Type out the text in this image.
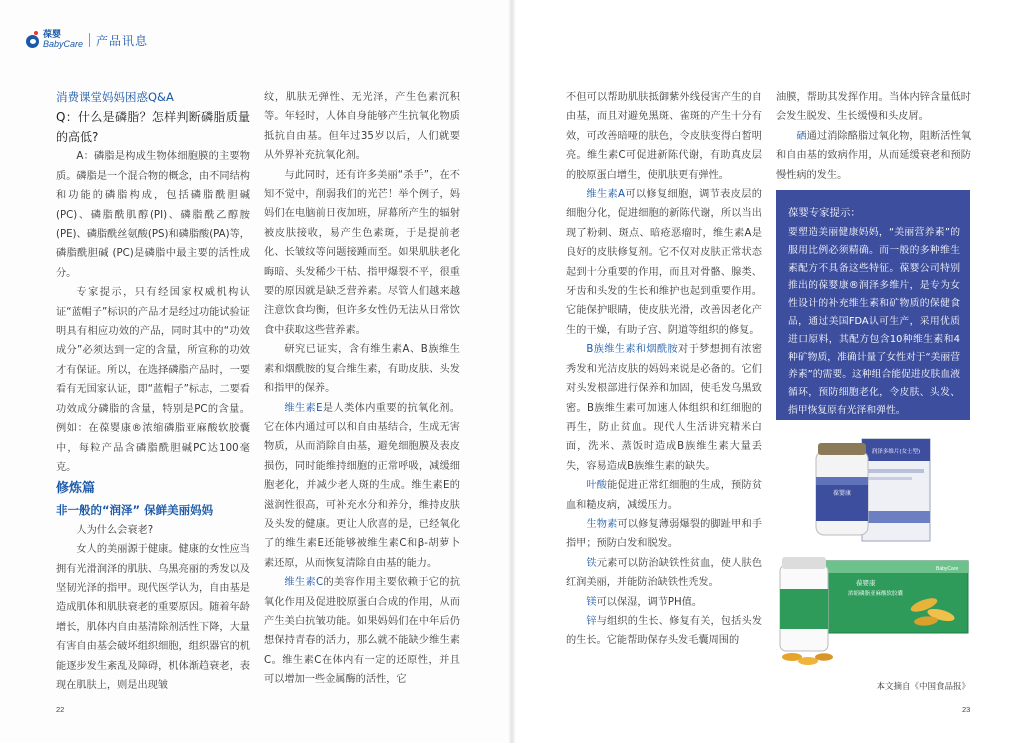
葆婴
BabyCare 产品讯息

消费课堂妈妈困惑Q&A

Q：什么是磷脂？怎样判断磷脂质量的高低?

A：磷脂是构成生物体细胞膜的主要物质。磷脂是一个混合物的概念，由不同结构和功能的磷脂构成，包括磷脂酰胆碱(PC)、磷脂酰肌醇(PI)、磷脂酰乙醇胺(PE)、磷脂酰丝氨酸(PS)和磷脂酸(PA)等，磷脂酰胆碱 (PC)是磷脂中最主要的活性成分。

专家提示，只有经国家权威机构认证“蓝帽子”标识的产品才是经过功能试验证明具有相应功效的产品，同时其中的“功效成分”必须达到一定的含量，所宣称的功效才有保证。所以，在选择磷脂产品时，一要看有无国家认证，即“蓝帽子”标志，二要看功效成分磷脂的含量，特别是PC的含量。例如：在葆婴康®浓缩磷脂亚麻酸软胶囊中，每粒产品含磷脂酰胆碱PC达100毫克。

修炼篇

非一般的“润泽” 保鲜美丽妈妈

人为什么会衰老?

女人的美丽源于健康。健康的女性应当拥有光滑润泽的肌肤、乌黑亮丽的秀发以及坚韧光泽的指甲。现代医学认为，自由基是造成肌体和肌肤衰老的重要原因。随着年龄增长，肌体内自由基清除剂活性下降，大量有害自由基会破坏组织细胞，组织器官的机能逐步发生紊乱及障碍，机体渐趋衰老，表现在肌肤上，则是出现皱

纹，肌肤无弹性、无光泽，产生色素沉积等。年轻时，人体自身能够产生抗氧化物质抵抗自由基。但年过35岁以后，人们就要从外界补充抗氧化剂。

与此同时，还有许多美丽“杀手”，在不知不觉中，削弱我们的光芒！举个例子，妈妈们在电脑前日夜加班，屏幕所产生的辐射被皮肤接收，易产生色素斑，于是提前老化、长皱纹等问题接踵而至。如果肌肤老化晦暗、头发稀少干枯、指甲爆裂不平，很重要的原因就是缺乏营养素。尽管人们越来越注意饮食均衡，但许多女性仍无法从日常饮食中获取这些营养素。

研究已证实，含有维生素A、B族维生素和烟酰胺的复合维生素，有助皮肤、头发和指甲的保养。

维生素E是人类体内重要的抗氧化剂。它在体内通过可以和自由基结合，生成无害物质，从而消除自由基，避免细胞膜及表皮损伤，同时能维持细胞的正常呼吸，减缓细胞老化，并减少老人斑的生成。维生素E的滋润性很高，可补充水分和养分，维持皮肤及头发的健康。更让人欣喜的是，已经氧化了的维生素E还能够被维生素C和β-胡萝卜素还原，从而恢复清除自由基的能力。

维生素C的美容作用主要依赖于它的抗氧化作用及促进胶原蛋白合成的作用，从而产生美白抗皱功能。如果妈妈们在中年后仍想保持青春的活力，那么就不能缺少维生素C。维生素C在体内有一定的还原性，并且可以增加一些金属酶的活性，它

不但可以帮助肌肤抵御紫外线侵害产生的自由基，而且对避免黑斑、雀斑的产生十分有效，可改善暗哑的肤色，令皮肤变得白皙明亮。维生素C可促进新陈代谢，有助真皮层的胶原蛋白增生，使肌肤更有弹性。

维生素A可以修复细胞，调节表皮层的细胞分化，促进细胞的新陈代谢，所以当出现了粉刺、斑点、暗疮恶瘤时，维生素A是良好的皮肤修复剂。它不仅对皮肤正常状态起到十分重要的作用，而且对骨骼、腺类、牙齿和头发的生长和维护也起到重要作用。它能保护眼睛，使皮肤光滑，改善因老化产生的干燥，有助子宫、阴道等组织的修复。

B族维生素和烟酰胺对于梦想拥有浓密秀发和光洁皮肤的妈妈来说是必备的。它们对头发根部进行保养和加固，使毛发乌黑致密。B族维生素可加速人体组织和红细胞的再生，防止贫血。现代人生活讲究精米白面，洗米、蒸饭时造成B族维生素大量丢失，容易造成B族维生素的缺失。

叶酸能促进正常红细胞的生成，预防贫血和糙皮病，减缓压力。

生物素可以修复薄弱爆裂的脚趾甲和手指甲；预防白发和脱发。

铁元素可以防治缺铁性贫血，使人肤色红润美丽，并能防治缺铁性秃发。

镁可以保湿，调节PH值。

锌与组织的生长、修复有关，包括头发的生长。它能帮助保存头发毛囊周围的

油膜，帮助其发挥作用。当体内锌含量低时会发生脱发、生长缓慢和头皮屑。

硒通过消除酪脂过氧化物，阻断活性氧和自由基的致病作用，从而延缓衰老和预防慢性病的发生。

葆婴专家提示：
要塑造美丽健康妈妈，“美丽营养素”的服用比例必须精确。而一般的多种维生素配方不具备这些特征。葆婴公司特别推出的葆婴康®润泽多维片，是专为女性设计的补充维生素和矿物质的保健食品，通过美国FDA认可生产，采用优质进口原料，其配方包含10种维生素和4种矿物质，准确计量了女性对于“美丽营养素”的需要。这种组合能促进皮肤血液循环，预防细胞老化，令皮肤、头发、指甲恢复原有光泽和弹性。
葆婴康
润泽多维片(女士型)
葆婴康
浓缩磷脂亚麻酸软胶囊
BabyCare
本文摘自《中国食品报》
22	23
